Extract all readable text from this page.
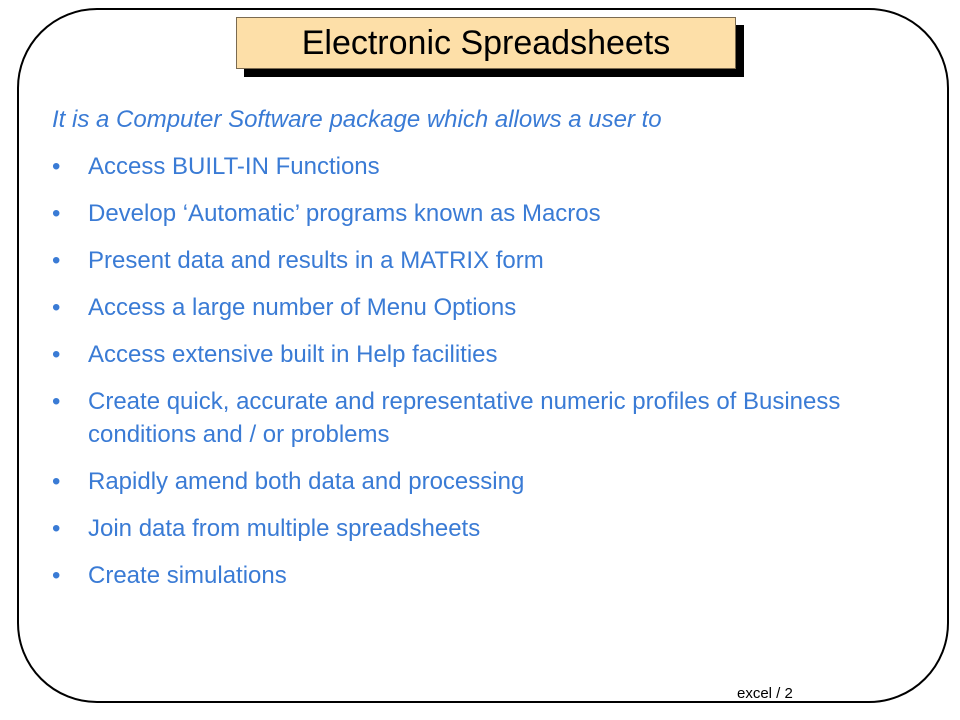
Electronic Spreadsheets
It is a Computer Software package which allows a user to
•	Access BUILT-IN Functions
•	Develop ‘Automatic’ programs known as Macros
•	Present data and results in a MATRIX form
•	Access a large number of Menu Options
•	Access extensive built in Help facilities
•	Create quick, accurate and representative numeric profiles of Business conditions and / or problems
•	Rapidly amend both data and processing
•	Join data from multiple spreadsheets
•	Create simulations
excel / 2
